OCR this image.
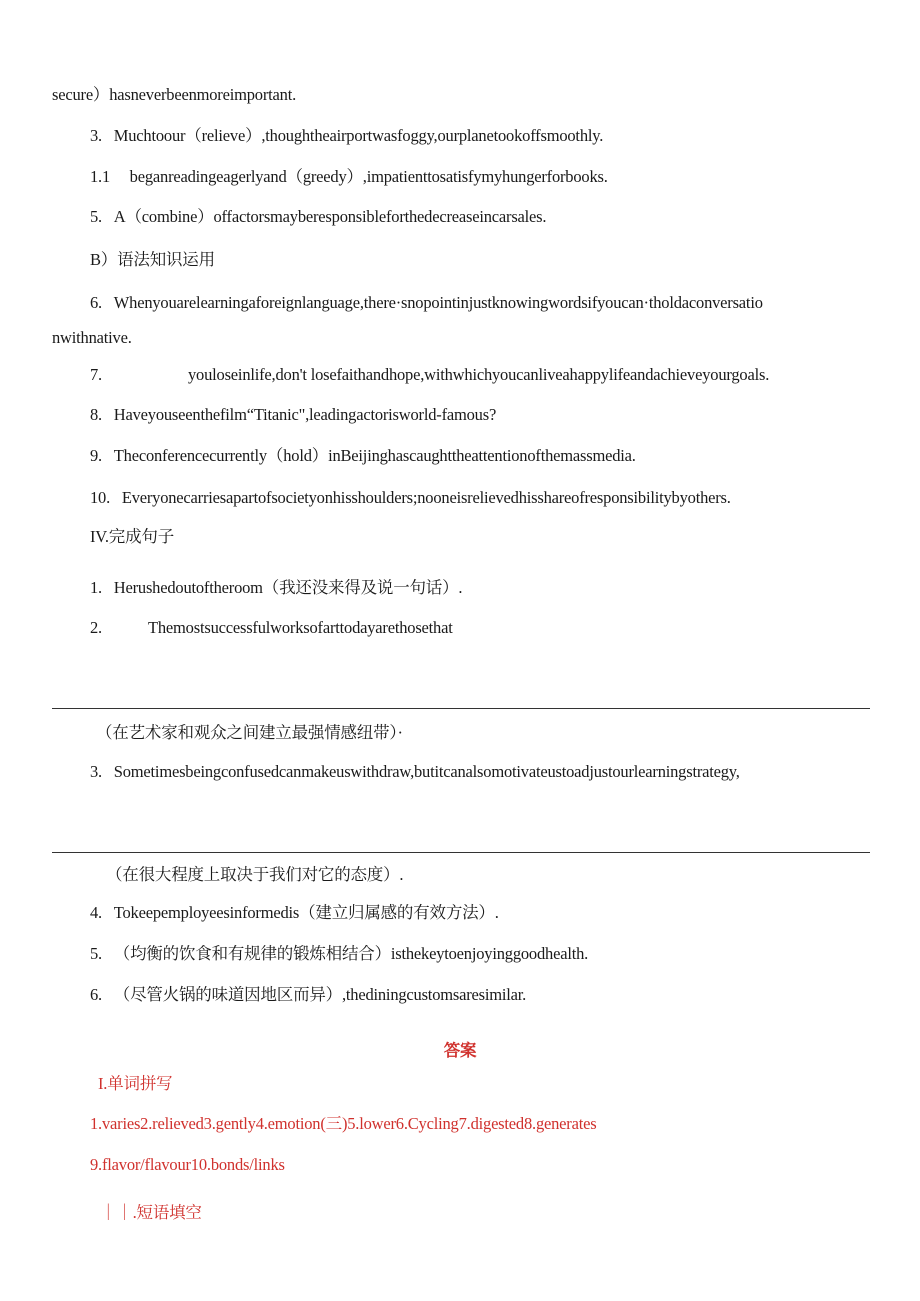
secure）hasneverbeenmoreimportant.
3. Muchtoour（relieve）,thoughtheairportwasfoggy,ourplanetookoffsmoothly.
1.1 beganreadingeagerlyand（greedy）,impatienttosatisfymyhungerforbooks.
5. A（combine）offactorsmayberesponsibleforthedecreaseincarsales.
B）语法知识运用
6. Whenyouarelearningaforeignlanguage,there·snopointinjustknowingwordsifyoucan·tholdaconversatio
nwithnative.
7.	youloseinlife,don't losefaithandhope,withwhichyoucanliveahappylifeandachieveyourgoals.
8. Haveyouseenthefilm“Titanic",leadingactorisworld-famous?
9. Theconferencecurrently（hold）inBeijinghascaughttheattentionofthemassmedia.
10. Everyonecarriesapartofsocietyonhisshoulders;nooneisrelievedhisshareofresponsibilitybyothers.
IV.完成句子
1. Herushedoutoftheroom（我还没来得及说一句话）.
2.	Themostsuccessfulworksofarttodayarethosethat
（在艺术家和观众之间建立最强情感纽带）·
3. Sometimesbeingconfusedcanmakeuswithdraw,butitcanalsomotivateustoadjustourlearningstrategy,
（在很大程度上取决于我们对它的态度）.
4. Tokeepemployeesinformedis（建立归属感的有效方法）.
5. （均衡的饮食和有规律的锻炼相结合）isthekeytoenjoyinggoodhealth.
6. （尽管火锅的味道因地区而异）,thediningcustomsaresimilar.
答案
I.单词拼写
1.varies2.relieved3.gently4.emotion(三)5.lower6.Cycling7.digested8.generates
9.flavor/flavour10.bonds/links
｜｜.短语填空
